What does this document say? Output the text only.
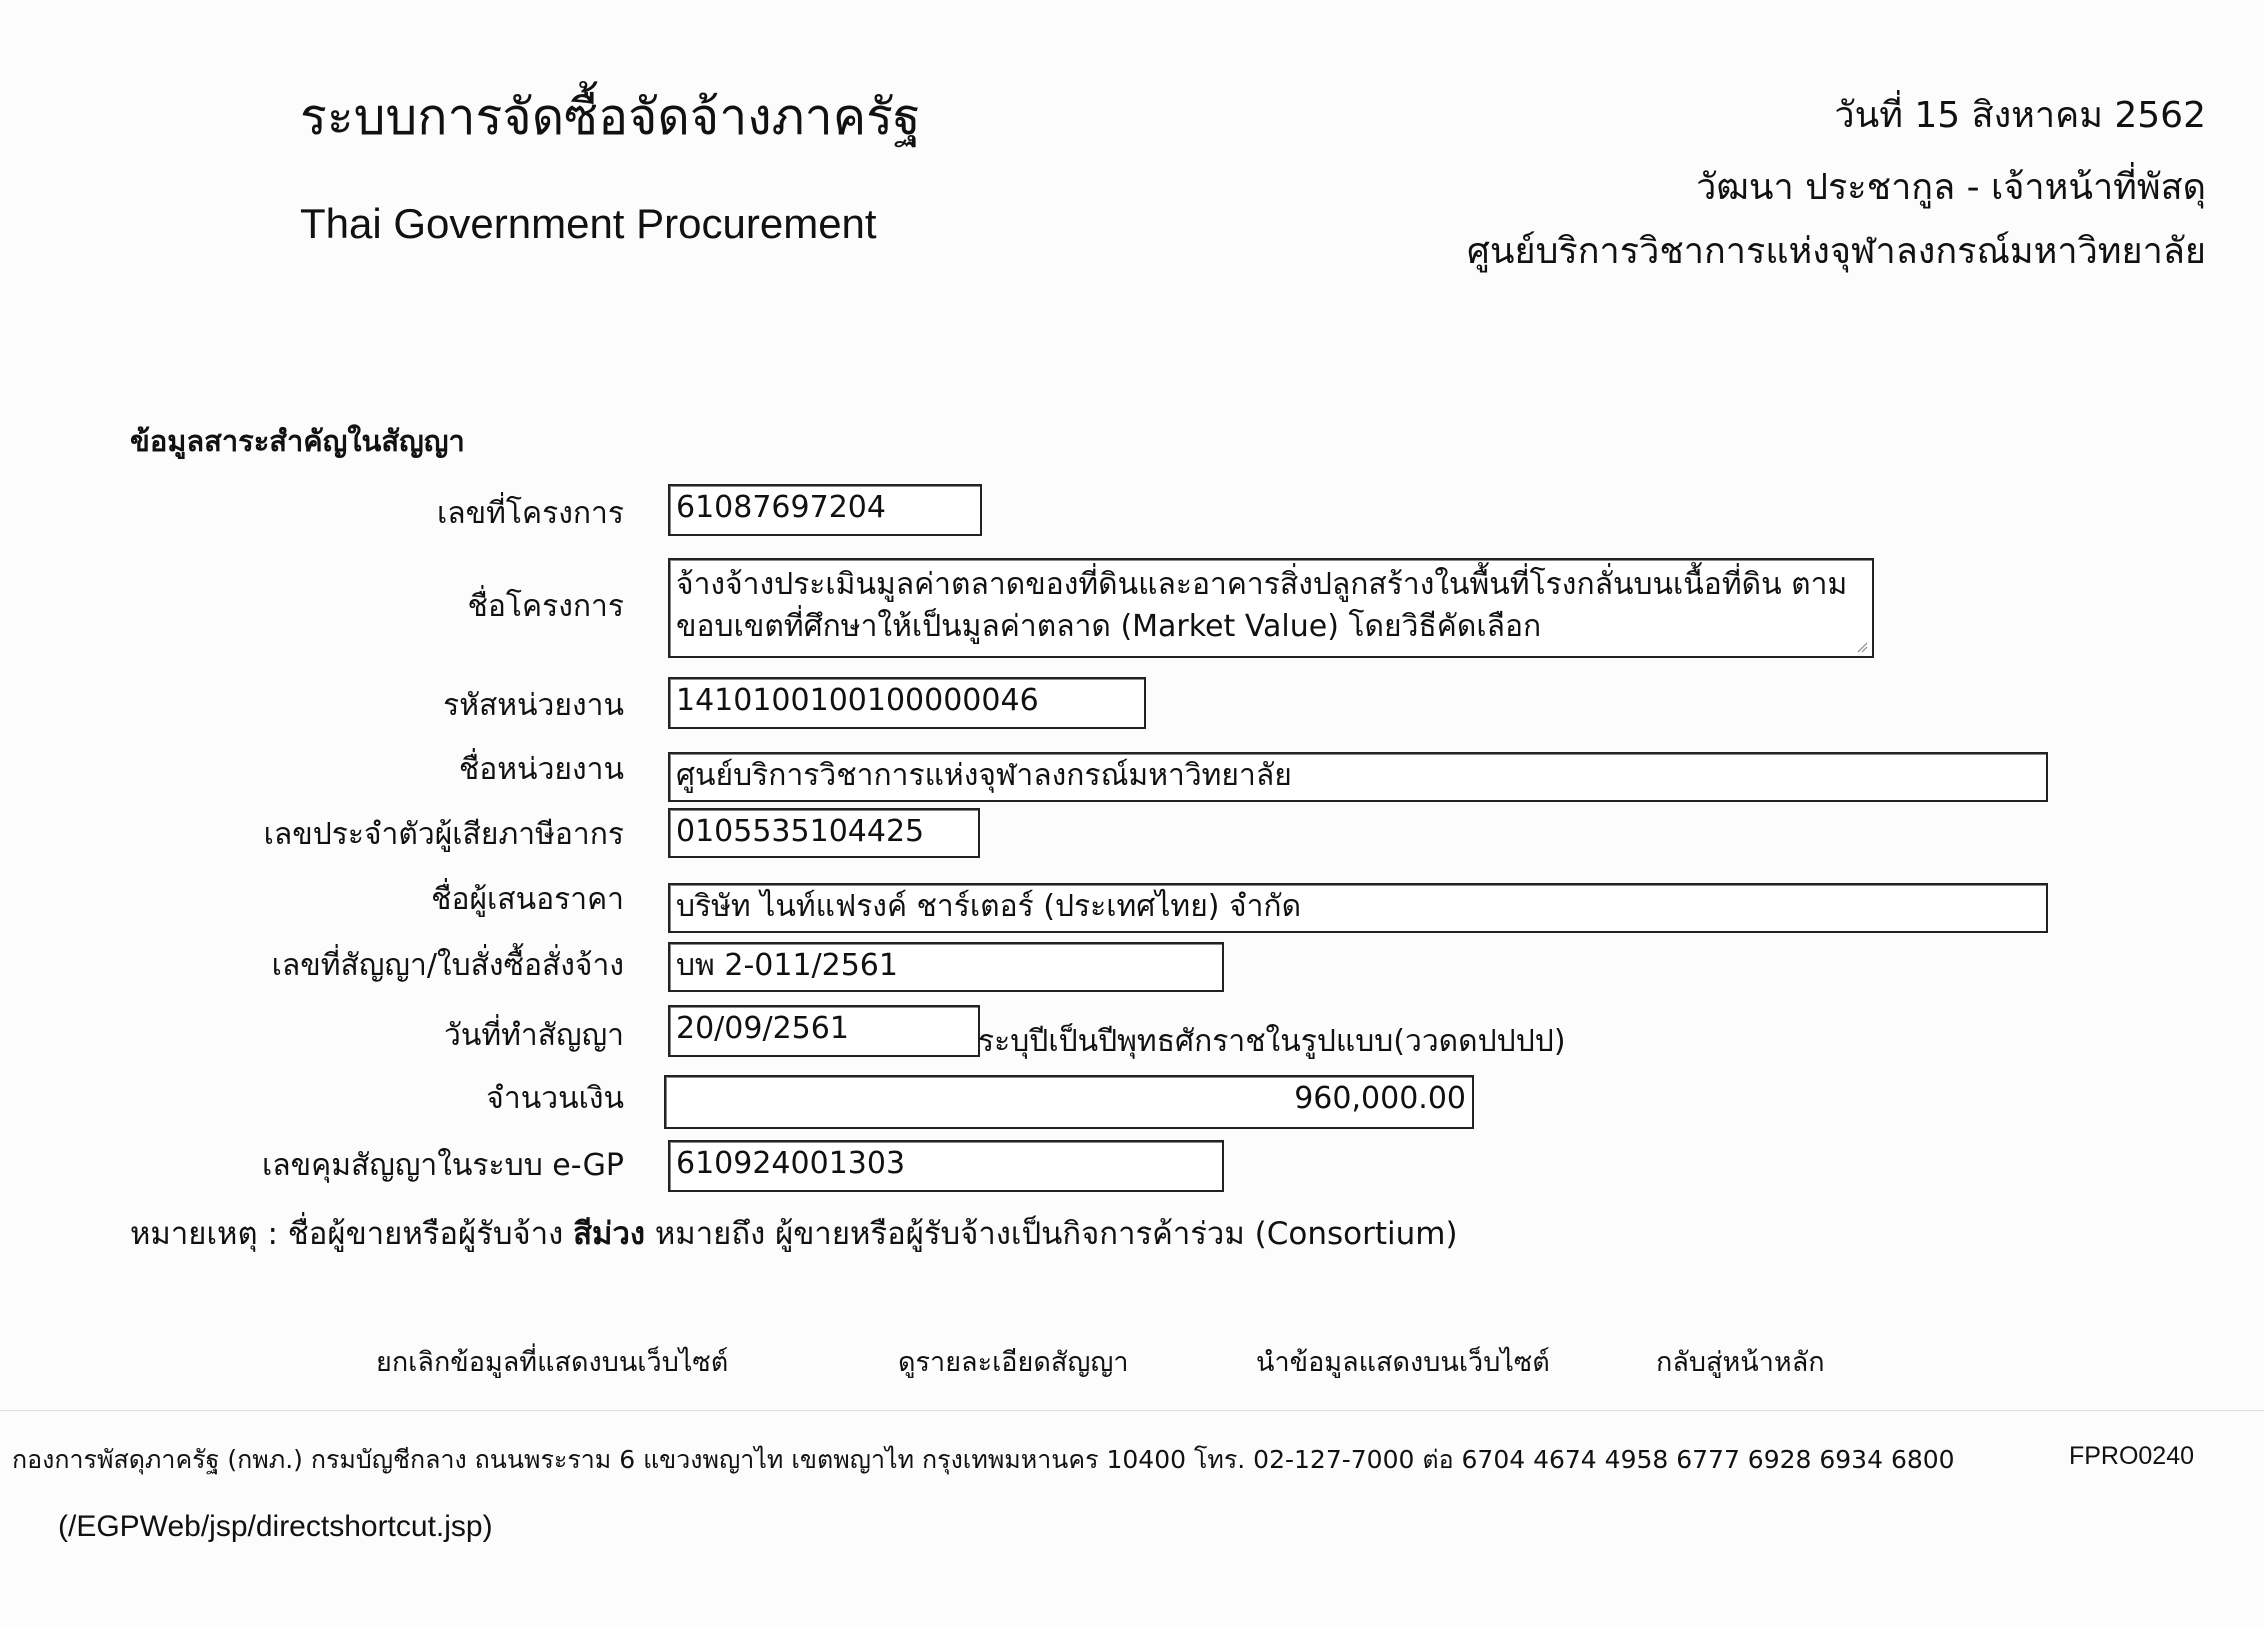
ระบบการจัดซื้อจัดจ้างภาครัฐ
Thai Government Procurement
วันที่ 15 สิงหาคม 2562
วัฒนา ประชากูล - เจ้าหน้าที่พัสดุ
ศูนย์บริการวิชาการแห่งจุฬาลงกรณ์มหาวิทยาลัย
ข้อมูลสาระสำคัญในสัญญา
เลขที่โครงการ 61087697204
ชื่อโครงการ
จ้างจ้างประเมินมูลค่าตลาดของที่ดินและอาคารสิ่งปลูกสร้างในพื้นที่โรงกลั่นบนเนื้อที่ดิน ตามขอบเขตที่ศึกษาให้เป็นมูลค่าตลาด (Market Value) โดยวิธีคัดเลือก
รหัสหน่วยงาน 1410100100100000046
ชื่อหน่วยงาน ศูนย์บริการวิชาการแห่งจุฬาลงกรณ์มหาวิทยาลัย
เลขประจำตัวผู้เสียภาษีอากร 0105535104425
ชื่อผู้เสนอราคา บริษัท ไนท์แฟรงค์ ชาร์เตอร์ (ประเทศไทย) จำกัด
เลขที่สัญญา/ใบสั่งซื้อสั่งจ้าง บพ 2-011/2561
วันที่ทำสัญญา 20/09/2561	ระบุปีเป็นปีพุทธศักราชในรูปแบบ(ววดดปปปป)
จำนวนเงิน	960,000.00
เลขคุมสัญญาในระบบ e-GP 610924001303
หมายเหตุ : ชื่อผู้ขายหรือผู้รับจ้าง สีม่วง หมายถึง ผู้ขายหรือผู้รับจ้างเป็นกิจการค้าร่วม (Consortium)
ยกเลิกข้อมูลที่แสดงบนเว็บไซต์	ดูรายละเอียดสัญญา	นำข้อมูลแสดงบนเว็บไซต์	กลับสู่หน้าหลัก
กองการพัสดุภาครัฐ (กพภ.) กรมบัญชีกลาง ถนนพระราม 6 แขวงพญาไท เขตพญาไท กรุงเทพมหานคร 10400 โทร. 02-127-7000 ต่อ 6704 4674 4958 6777 6928 6934 6800	FPRO0240
(/EGPWeb/jsp/directshortcut.jsp)
